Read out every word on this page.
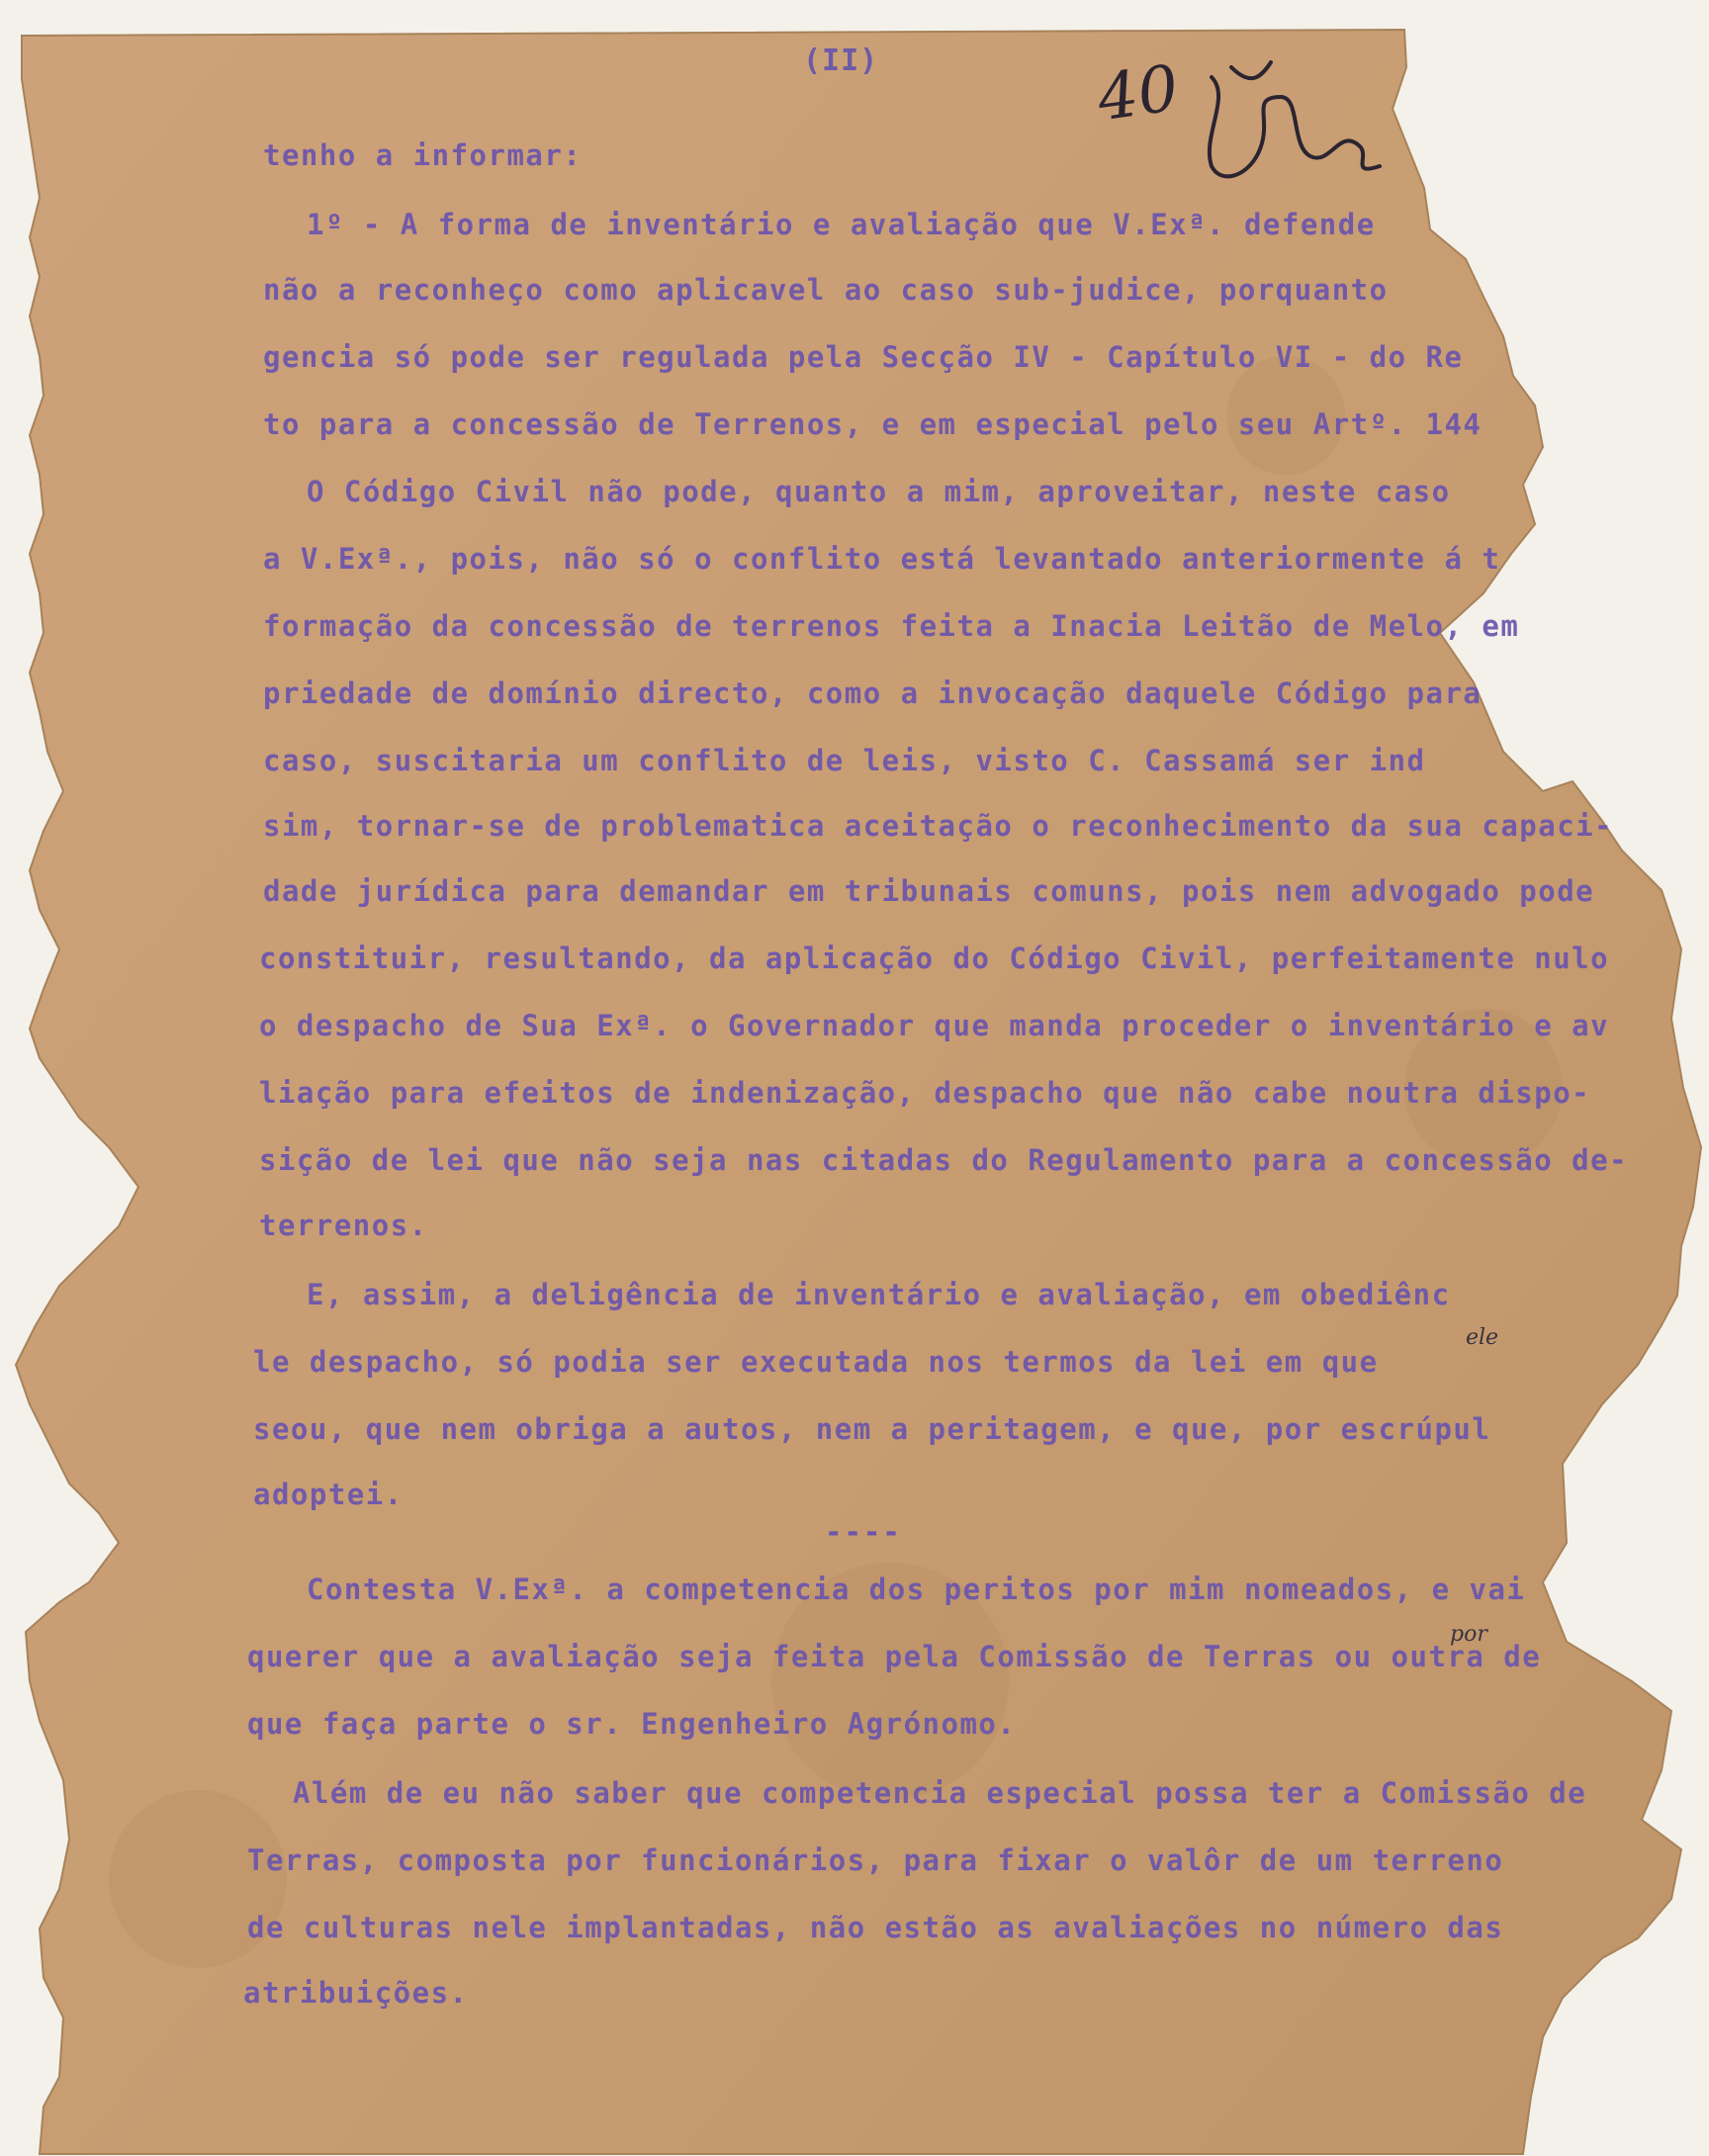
(II)	40
tenho a informar:
1º - A forma de inventário e avaliação que V.Exª. defende
não a reconheço como aplicavel ao caso sub-judice, porquanto
gencia só pode ser regulada pela Secção IV - Capítulo VI - do Re
to para a concessão de Terrenos, e em especial pelo seu Artº. 144
O Código Civil não pode, quanto a mim, aproveitar, neste caso
a V.Exª., pois, não só o conflito está levantado anteriormente á t
formação da concessão de terrenos feita a Inacia Leitão de Melo, em
priedade de domínio directo, como a invocação daquele Código para
caso, suscitaria um conflito de leis, visto C. Cassamá ser ind
sim, tornar-se de problematica aceitação o reconhecimento da sua capaci-
dade jurídica para demandar em tribunais comuns, pois nem advogado pode
constituir, resultando, da aplicação do Código Civil, perfeitamente nulo
o despacho de Sua Exª. o Governador que manda proceder o inventário e av
liação para efeitos de indenização, despacho que não cabe noutra dispo-
sição de lei que não seja nas citadas do Regulamento para a concessão de-
terrenos.
E, assim, a deligência de inventário e avaliação, em obediênc
le despacho, só podia ser executada nos termos da lei em que
seou, que nem obriga a autos, nem a peritagem, e que, por escrúpul
adoptei.
----
Contesta V.Exª. a competencia dos peritos por mim nomeados, e vai
querer que a avaliação seja feita pela Comissão de Terras ou outra de
que faça parte o sr. Engenheiro Agrónomo.
Além de eu não saber que competencia especial possa ter a Comissão de
Terras, composta por funcionários, para fixar o valôr de um terreno
de culturas nele implantadas, não estão as avaliações no número das
atribuições.
ele
por
